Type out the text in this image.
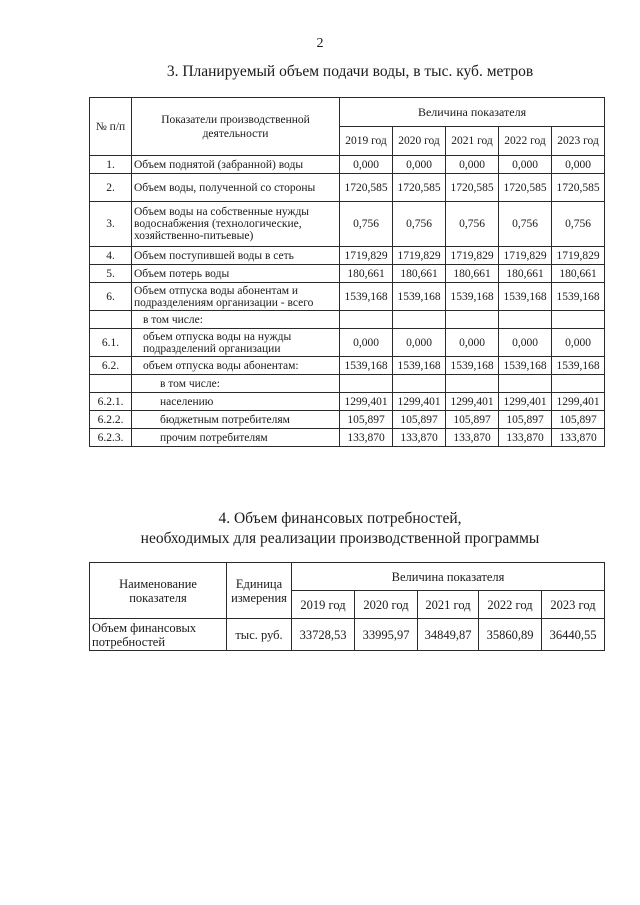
2
3. Планируемый объем подачи воды, в тыс. куб. метров
№ п/п	Показатели производственной деятельности	Величина показателя				
		2019 год	2020 год	2021 год	2022 год	2023 год
1.	Объем поднятой (забранной) воды	0,000	0,000	0,000	0,000	0,000
2.	Объем воды, полученной со стороны	1720,585	1720,585	1720,585	1720,585	1720,585
3.	Объем воды на собственные нужды водоснабжения (технологические, хозяйственно-питьевые)	0,756	0,756	0,756	0,756	0,756
4.	Объем поступившей воды в сеть	1719,829	1719,829	1719,829	1719,829	1719,829
5.	Объем потерь воды	180,661	180,661	180,661	180,661	180,661
6.	Объем отпуска воды абонентам и подразделениям организации - всего	1539,168	1539,168	1539,168	1539,168	1539,168
	в том числе:					
6.1.	объем отпуска воды на нужды подразделений организации	0,000	0,000	0,000	0,000	0,000
6.2.	объем отпуска воды абонентам:	1539,168	1539,168	1539,168	1539,168	1539,168
	в том числе:					
6.2.1.	населению	1299,401	1299,401	1299,401	1299,401	1299,401
6.2.2.	бюджетным потребителям	105,897	105,897	105,897	105,897	105,897
6.2.3.	прочим потребителям	133,870	133,870	133,870	133,870	133,870
4. Объем финансовых потребностей,
необходимых для реализации производственной программы
Наименование показателя	Единица измерения	Величина показателя				
		2019 год	2020 год	2021 год	2022 год	2023 год
Объем финансовых потребностей	тыс. руб.	33728,53	33995,97	34849,87	35860,89	36440,55
